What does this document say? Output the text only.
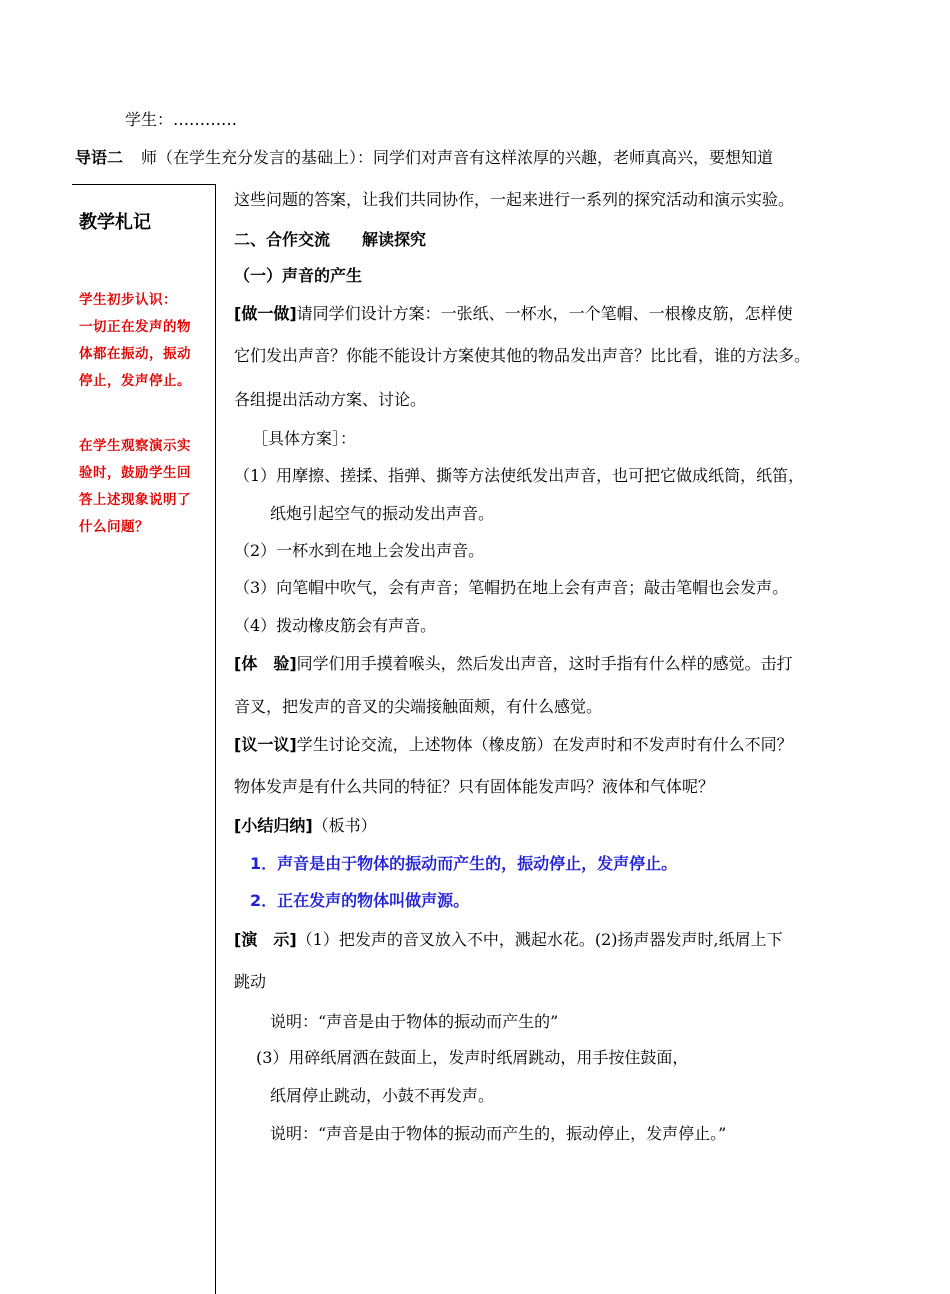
学生：…………
导语二 师（在学生充分发言的基础上）：同学们对声音有这样浓厚的兴趣，老师真高兴，要想知道
这些问题的答案，让我们共同协作，一起来进行一系列的探究活动和演示实验。
教学札记
学生初步认识：
一切正在发声的物
体都在振动，振动
停止，发声停止。
在学生观察演示实
验时，鼓励学生回
答上述现象说明了
什么问题？
二、合作交流　　解读探究
（一）声音的产生
[做一做]请同学们设计方案：一张纸、一杯水，一个笔帽、一根橡皮筋，怎样使
它们发出声音？你能不能设计方案使其他的物品发出声音？比比看，谁的方法多。
各组提出活动方案、讨论。
［具体方案］：
（1）用摩擦、搓揉、指弹、撕等方法使纸发出声音，也可把它做成纸筒，纸笛，
纸炮引起空气的振动发出声音。
（2）一杯水到在地上会发出声音。
（3）向笔帽中吹气，会有声音；笔帽扔在地上会有声音；敲击笔帽也会发声。
（4）拨动橡皮筋会有声音。
[体　验]同学们用手摸着喉头，然后发出声音，这时手指有什么样的感觉。击打
音叉，把发声的音叉的尖端接触面颊，有什么感觉。
[议一议]学生讨论交流，上述物体（橡皮筋）在发声时和不发声时有什么不同？
物体发声是有什么共同的特征？只有固体能发声吗？液体和气体呢？
[小结归纳]（板书）
1．声音是由于物体的振动而产生的，振动停止，发声停止。
2．正在发声的物体叫做声源。
[演　示]（1）把发声的音叉放入不中，溅起水花。(2)扬声器发声时,纸屑上下
跳动
说明：“声音是由于物体的振动而产生的”
(3）用碎纸屑洒在鼓面上，发声时纸屑跳动，用手按住鼓面，
纸屑停止跳动，小鼓不再发声。
说明：“声音是由于物体的振动而产生的，振动停止，发声停止。”
